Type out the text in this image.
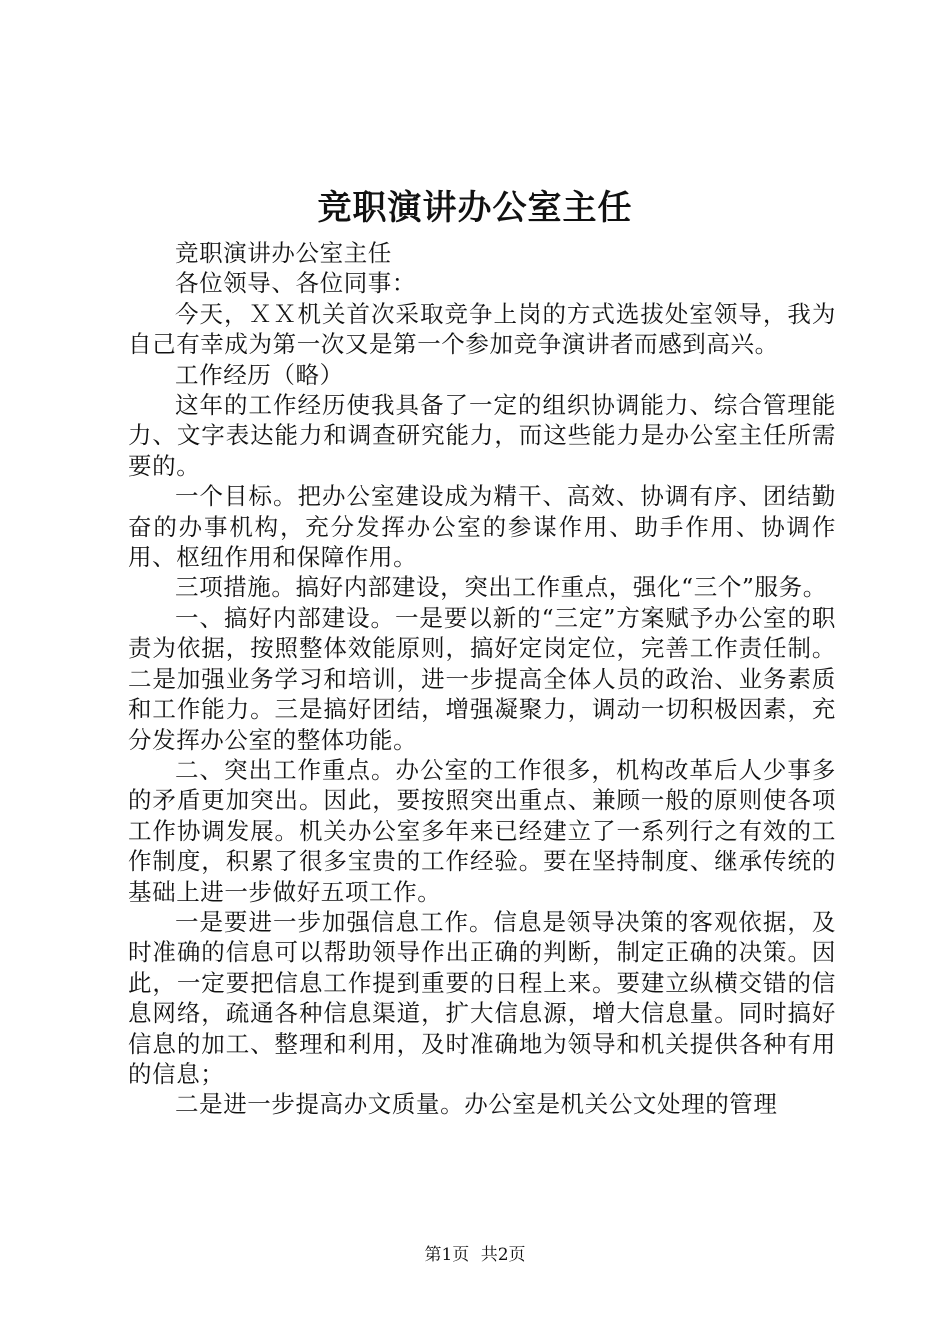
竞职演讲办公室主任

竞职演讲办公室主任

各位领导、各位同事：

今天，ＸＸ机关首次采取竞争上岗的方式选拔处室领导，我为自己有幸成为第一次又是第一个参加竞争演讲者而感到高兴。

工作经历（略）

这年的工作经历使我具备了一定的组织协调能力、综合管理能力、文字表达能力和调查研究能力，而这些能力是办公室主任所需要的。

一个目标。把办公室建设成为精干、高效、协调有序、团结勤奋的办事机构，充分发挥办公室的参谋作用、助手作用、协调作用、枢纽作用和保障作用。

三项措施。搞好内部建设，突出工作重点，强化“三个”服务。

一、搞好内部建设。一是要以新的“三定”方案赋予办公室的职责为依据，按照整体效能原则，搞好定岗定位，完善工作责任制。二是加强业务学习和培训，进一步提高全体人员的政治、业务素质和工作能力。三是搞好团结，增强凝聚力，调动一切积极因素，充分发挥办公室的整体功能。

二、突出工作重点。办公室的工作很多，机构改革后人少事多的矛盾更加突出。因此，要按照突出重点、兼顾一般的原则使各项工作协调发展。机关办公室多年来已经建立了一系列行之有效的工作制度，积累了很多宝贵的工作经验。要在坚持制度、继承传统的基础上进一步做好五项工作。

一是要进一步加强信息工作。信息是领导决策的客观依据，及时准确的信息可以帮助领导作出正确的判断，制定正确的决策。因此，一定要把信息工作提到重要的日程上来。要建立纵横交错的信息网络，疏通各种信息渠道，扩大信息源，增大信息量。同时搞好信息的加工、整理和利用，及时准确地为领导和机关提供各种有用的信息；

二是进一步提高办文质量。办公室是机关公文处理的管理

第1页 共2页
